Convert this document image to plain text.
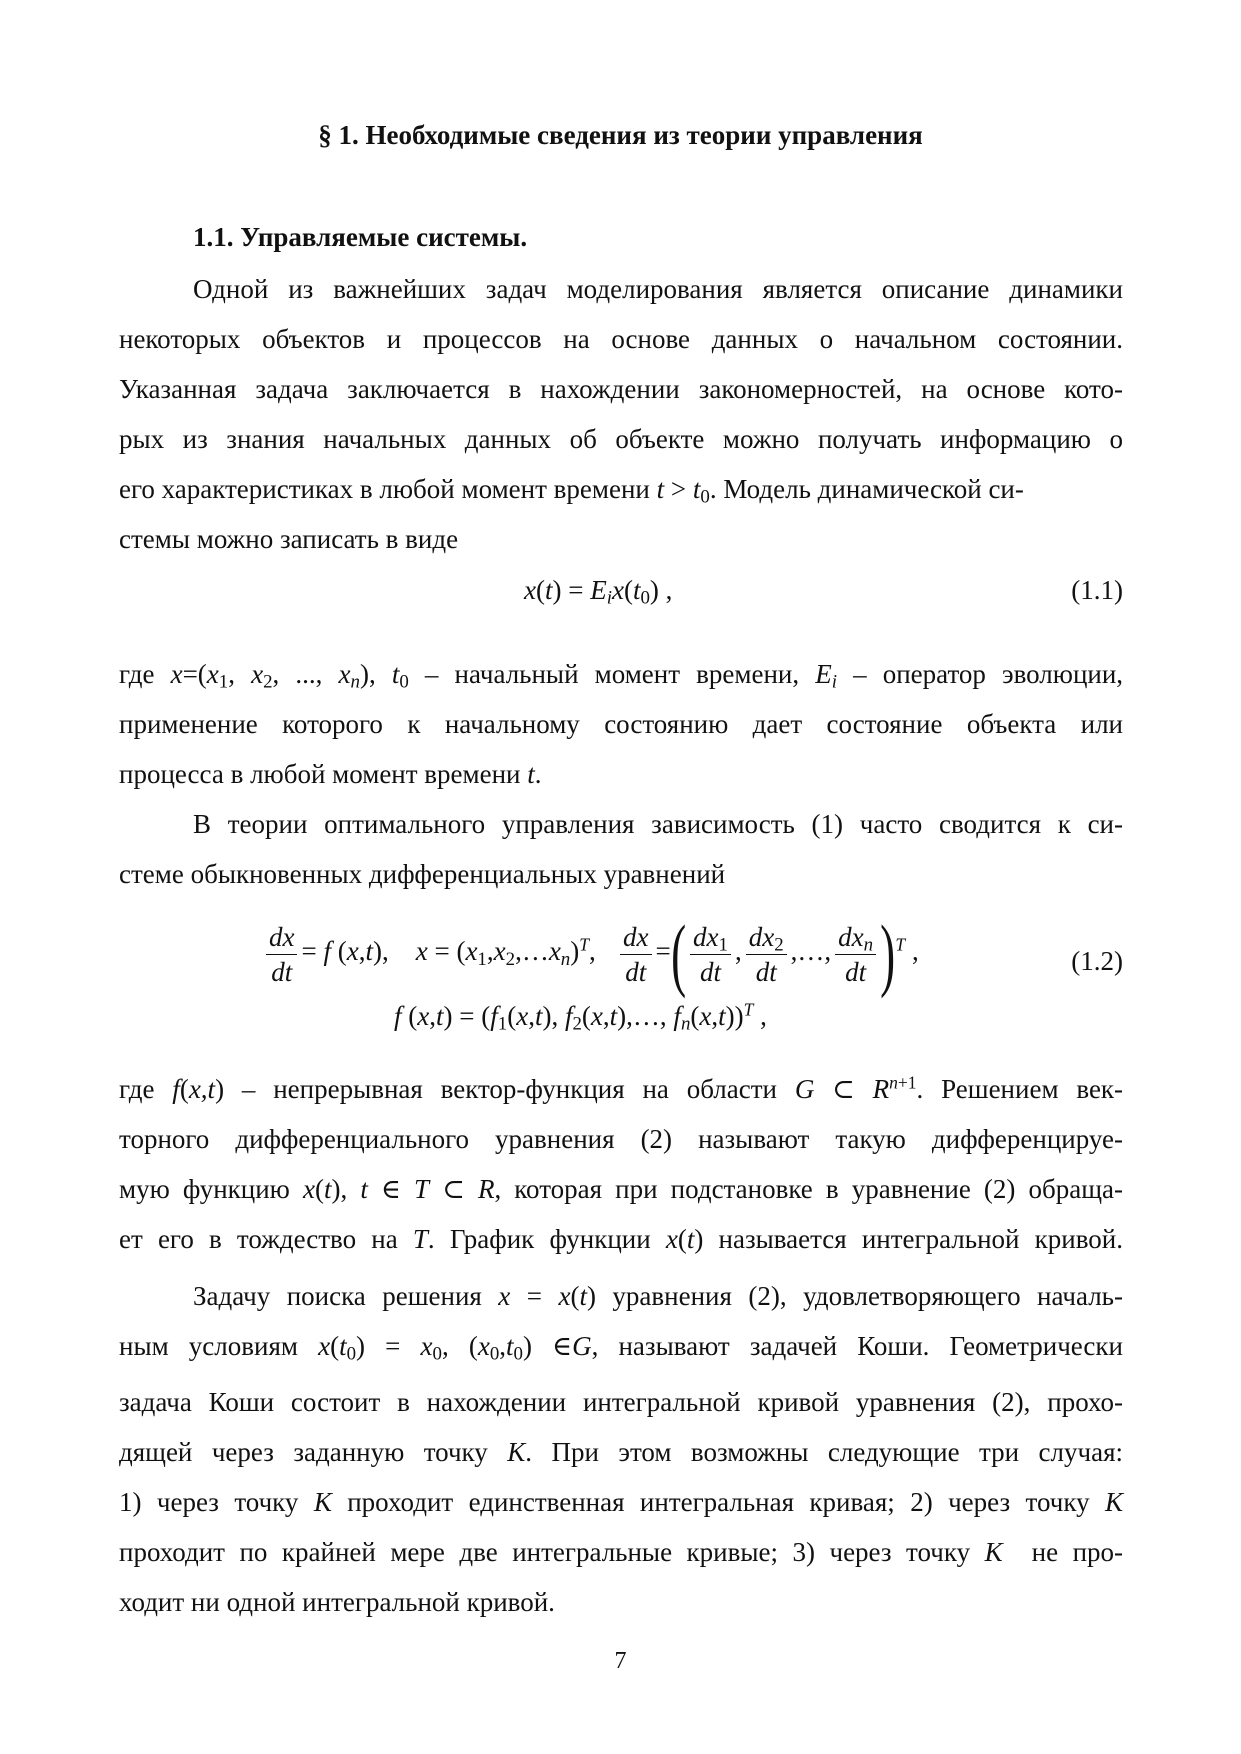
§ 1. Необходимые сведения из теории управления
1.1. Управляемые системы.
Одной из важнейших задач моделирования является описание динамики
некоторых объектов и процессов на основе данных о начальном состоянии.
Указанная задача заключается в нахождении закономерностей, на основе кото-
рых из знания начальных данных об объекте можно получать информацию о
его характеристиках в любой момент времени $t > t_0$. Модель динамической си-
стемы можно записать в виде
$x(t) = E_ix(t_0)$ ,	(1.1)
где $x=(x_1$, $x_2$, ..., $x_n$), $t_0$ – начальный момент времени, $E_i$ – оператор эволюции,
применение которого к начальному состоянию дает состояние объекта или
процесса в любой момент времени t.
В теории оптимального управления зависимость (1) часто сводится к си-
стеме обыкновенных дифференциальных уравнений
$\frac{dx}{dt} = f$ (x,t),    $x = (x_1,x_2,\dots x_n)^T$, $\frac{dx}{dt}$ =( $\frac{dx_1}{dt}$ , $\frac{dx_2}{dt}$ ,…, $\frac{dx_n}{dt} )^T$ ,	(1.2)
f $(x,t) = (f_1(x,t)$, $f_2(x,t),\dots$, $f_n(x,t))^T$ ,
где f(x,t) – непрерывная вектор-функция на области G ⊂ $R^{n+1}$. Решением век-
торного дифференциального уравнения (2) называют такую дифференцируе-
мую функцию x(t), t ∈ T ⊂ R, которая при подстановке в уравнение (2) обраща-
ет его в тождество на T. График функции x(t) называется интегральной кривой.
Задачу поиска решения x = x(t) уравнения (2), удовлетворяющего началь-
ным условиям $x(t_0) = x_0$, $(x_0,t_0)$ ∈G, называют задачей Коши. Геометрически
задача Коши состоит в нахождении интегральной кривой уравнения (2), прохо-
дящей через заданную точку K. При этом возможны следующие три случая:
1) через точку K проходит единственная интегральная кривая; 2) через точку K
проходит по крайней мере две интегральные кривые; 3) через точку K не про-
ходит ни одной интегральной кривой.
7
